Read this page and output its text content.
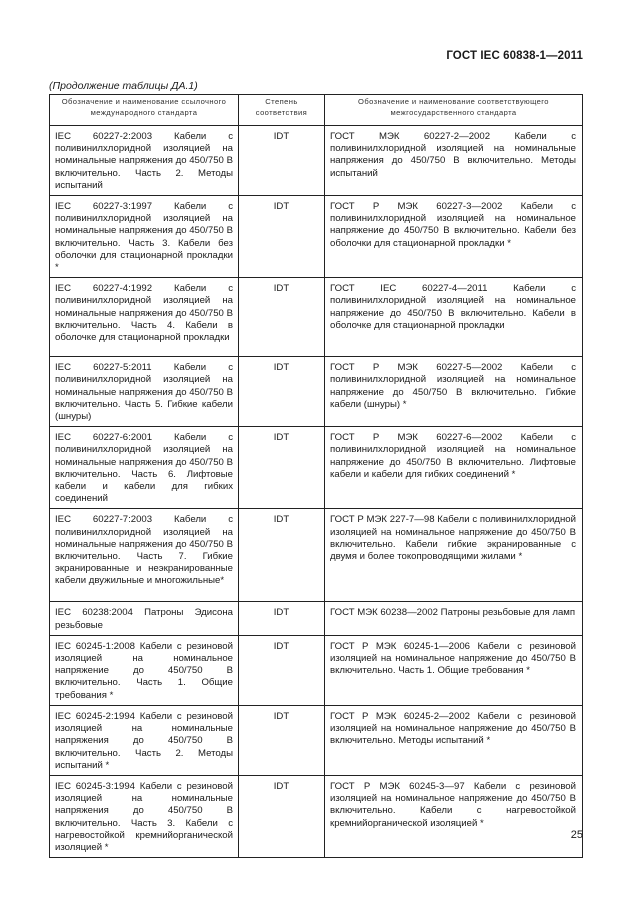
ГОСТ IEC 60838-1—2011
(Продолжение таблицы ДА.1)
Обозначение и наименование ссылочного международного стандарта	Степень соответствия	Обозначение и наименование соответствующего межгосударственного стандарта
IEC 60227-2:2003 Кабели с поливинилхлоридной изоляцией на номинальные напряжения до 450/750 В включительно. Часть 2. Методы испытаний	IDT	ГОСТ МЭК 60227-2—2002 Кабели с поливинилхлоридной изоляцией на номинальные напряжения до 450/750 В включительно. Методы испытаний
IEC 60227-3:1997 Кабели с поливинилхлоридной изоляцией на номинальные напряжения до 450/750 В включительно. Часть 3. Кабели без оболочки для стационарной прокладки *	IDT	ГОСТ Р МЭК 60227-3—2002 Кабели с поливинилхлоридной изоляцией на номинальное напряжение до 450/750 В включительно. Кабели без оболочки для стационарной прокладки *
IEC 60227-4:1992 Кабели с поливинилхлоридной изоляцией на номинальные напряжения до 450/750 В включительно. Часть 4. Кабели в оболочке для стационарной прокладки	IDT	ГОСТ IEC 60227-4—2011 Кабели с поливинилхлоридной изоляцией на номинальное напряжение до 450/750 В включительно. Кабели в оболочке для стационарной прокладки
IEC 60227-5:2011 Кабели с поливинилхлоридной изоляцией на номинальные напряжения до 450/750 В включительно. Часть 5. Гибкие кабели (шнуры)	IDT	ГОСТ Р МЭК 60227-5—2002 Кабели с поливинилхлоридной изоляцией на номинальное напряжение до 450/750 В включительно. Гибкие кабели (шнуры) *
IEC 60227-6:2001 Кабели с поливинилхлоридной изоляцией на номинальные напряжения до 450/750 В включительно. Часть 6. Лифтовые кабели и кабели для гибких соединений	IDT	ГОСТ Р МЭК 60227-6—2002 Кабели с поливинилхлоридной изоляцией на номинальное напряжение до 450/750 В включительно. Лифтовые кабели и кабели для гибких соединений *
IEC 60227-7:2003 Кабели с поливинилхлоридной изоляцией на номинальные напряжения до 450/750 В включительно. Часть 7. Гибкие экранированные и неэкранированные кабели двужильные и многожильные*	IDT	ГОСТ Р МЭК 227-7—98 Кабели с поливинилхлоридной изоляцией на номинальное напряжение до 450/750 В включительно. Кабели гибкие экранированные с двумя и более токопроводящими жилами *
IEC 60238:2004 Патроны Эдисона резьбовые	IDT	ГОСТ МЭК 60238—2002 Патроны резьбовые для ламп
IEC 60245-1:2008 Кабели с резиновой изоляцией на номинальное напряжение до 450/750 В включительно. Часть 1. Общие требования *	IDT	ГОСТ Р МЭК 60245-1—2006 Кабели с резиновой изоляцией на номинальное напряжение до 450/750 В включительно. Часть 1. Общие требования *
IEC 60245-2:1994 Кабели с резиновой изоляцией на номинальные напряжения до 450/750 В включительно. Часть 2. Методы испытаний *	IDT	ГОСТ Р МЭК 60245-2—2002 Кабели с резиновой изоляцией на номинальное напряжение до 450/750 В включительно. Методы испытаний *
IEC 60245-3:1994 Кабели с резиновой изоляцией на номинальные напряжения до 450/750 В включительно. Часть 3. Кабели с нагревостойкой кремнийорганической изоляцией *	IDT	ГОСТ Р МЭК 60245-3—97 Кабели с резиновой изоляцией на номинальное напряжение до 450/750 В включительно. Кабели с нагревостойкой кремнийорганической изоляцией *
25
